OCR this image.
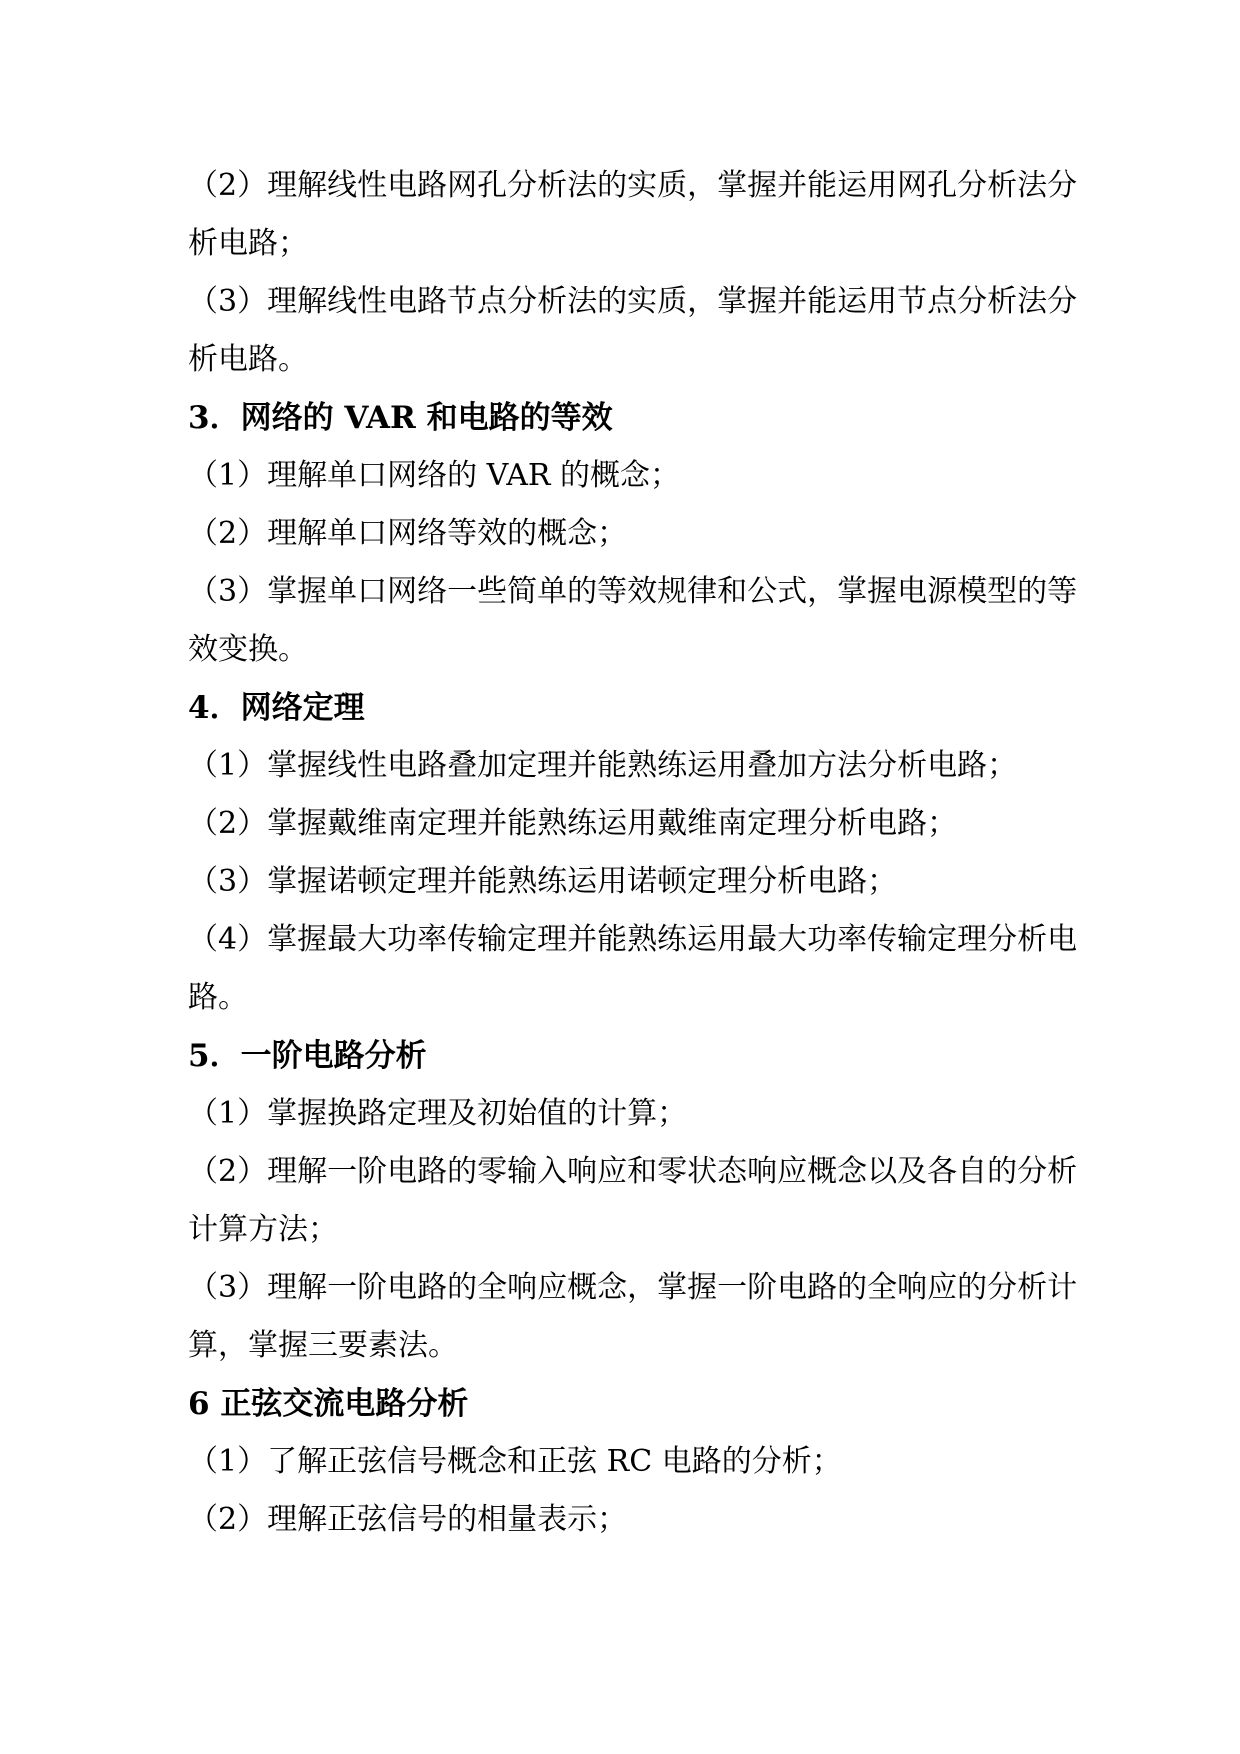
（2）理解线性电路网孔分析法的实质，掌握并能运用网孔分析法分
析电路；
（3）理解线性电路节点分析法的实质，掌握并能运用节点分析法分
析电路。
3．网络的 VAR 和电路的等效
（1）理解单口网络的 VAR 的概念；
（2）理解单口网络等效的概念；
（3）掌握单口网络一些简单的等效规律和公式，掌握电源模型的等
效变换。
4．网络定理
（1）掌握线性电路叠加定理并能熟练运用叠加方法分析电路；
（2）掌握戴维南定理并能熟练运用戴维南定理分析电路；
（3）掌握诺顿定理并能熟练运用诺顿定理分析电路；
（4）掌握最大功率传输定理并能熟练运用最大功率传输定理分析电
路。
5．一阶电路分析
（1）掌握换路定理及初始值的计算；
（2）理解一阶电路的零输入响应和零状态响应概念以及各自的分析
计算方法；
（3）理解一阶电路的全响应概念，掌握一阶电路的全响应的分析计
算，掌握三要素法。
6 正弦交流电路分析
（1）了解正弦信号概念和正弦 RC 电路的分析；
（2）理解正弦信号的相量表示；
